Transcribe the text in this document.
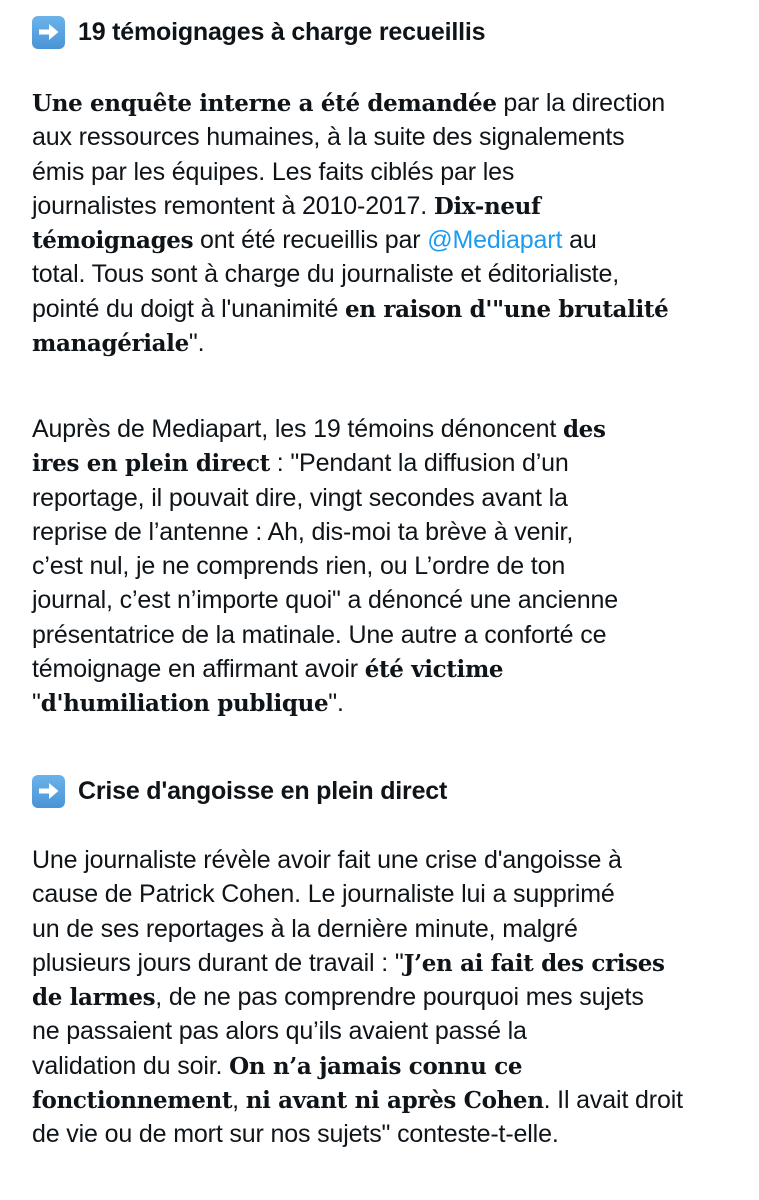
19 témoignages à charge recueillis
Une enquête interne a été demandée par la direction
aux ressources humaines, à la suite des signalements
émis par les équipes. Les faits ciblés par les
journalistes remontent à 2010-2017. Dix-neuf
témoignages ont été recueillis par @Mediapart au
total. Tous sont à charge du journaliste et éditorialiste,
pointé du doigt à l'unanimité en raison d'"une brutalité
managériale".
Auprès de Mediapart, les 19 témoins dénoncent des
ires en plein direct : "Pendant la diffusion d’un
reportage, il pouvait dire, vingt secondes avant la
reprise de l’antenne : Ah, dis-moi ta brève à venir,
c’est nul, je ne comprends rien, ou L’ordre de ton
journal, c’est n’importe quoi" a dénoncé une ancienne
présentatrice de la matinale. Une autre a conforté ce
témoignage en affirmant avoir été victime
"d'humiliation publique".
Crise d'angoisse en plein direct
Une journaliste révèle avoir fait une crise d'angoisse à
cause de Patrick Cohen. Le journaliste lui a supprimé
un de ses reportages à la dernière minute, malgré
plusieurs jours durant de travail : "J’en ai fait des crises
de larmes, de ne pas comprendre pourquoi mes sujets
ne passaient pas alors qu’ils avaient passé la
validation du soir. On n’a jamais connu ce
fonctionnement, ni avant ni après Cohen. Il avait droit
de vie ou de mort sur nos sujets" conteste-t-elle.
